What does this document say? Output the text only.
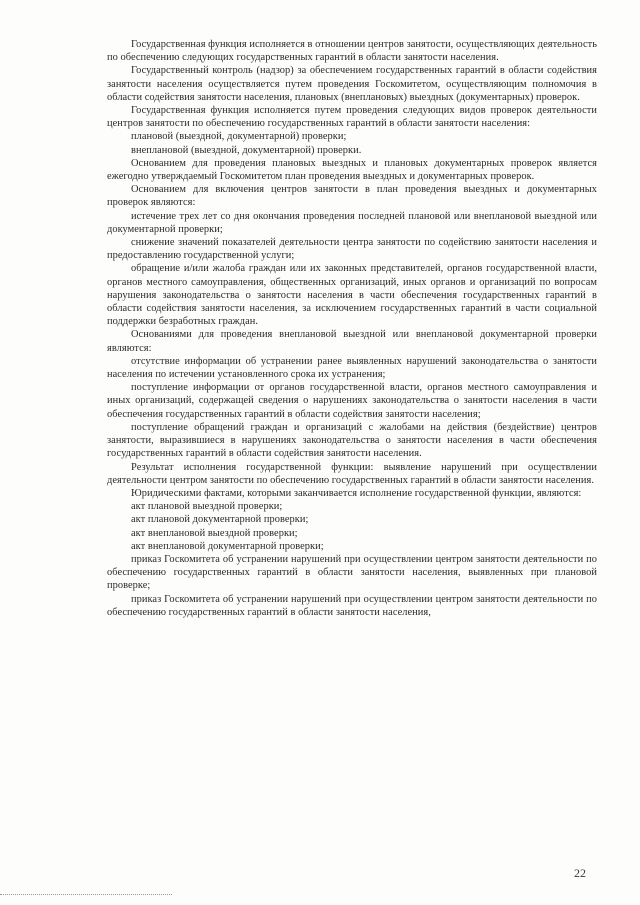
Государственная функция исполняется в отношении центров занятости, осуществляющих деятельность по обеспечению следующих государственных гарантий в области занятости населения.

Государственный контроль (надзор) за обеспечением государственных гарантий в области содействия занятости населения осуществляется путем проведения Госкомитетом, осуществляющим полномочия в области содействия занятости населения, плановых (внеплановых) выездных (документарных) проверок.

Государственная функция исполняется путем проведения следующих видов проверок деятельности центров занятости по обеспечению государственных гарантий в области занятости населения:

плановой (выездной, документарной) проверки;

внеплановой (выездной, документарной) проверки.

Основанием для проведения плановых выездных и плановых документарных проверок является ежегодно утверждаемый Госкомитетом план проведения выездных и документарных проверок.

Основанием для включения центров занятости в план проведения выездных и документарных проверок являются:

истечение трех лет со дня окончания проведения последней плановой или внеплановой выездной или документарной проверки;

снижение значений показателей деятельности центра занятости по содействию занятости населения и предоставлению государственной услуги;

обращение и/или жалоба граждан или их законных представителей, органов государственной власти, органов местного самоуправления, общественных организаций, иных органов и организаций по вопросам нарушения законодательства о занятости населения в части обеспечения государственных гарантий в области содействия занятости населения, за исключением государственных гарантий в части социальной поддержки безработных граждан.

Основаниями для проведения внеплановой выездной или внеплановой документарной проверки являются:

отсутствие информации об устранении ранее выявленных нарушений законодательства о занятости населения по истечении установленного срока их устранения;

поступление информации от органов государственной власти, органов местного самоуправления и иных организаций, содержащей сведения о нарушениях законодательства о занятости населения в части обеспечения государственных гарантий в области содействия занятости населения;

поступление обращений граждан и организаций с жалобами на действия (бездействие) центров занятости, выразившиеся в нарушениях законодательства о занятости населения в части обеспечения государственных гарантий в области содействия занятости населения.

Результат исполнения государственной функции: выявление нарушений при осуществлении деятельности центром занятости по обеспечению государственных гарантий в области занятости населения.

Юридическими фактами, которыми заканчивается исполнение государственной функции, являются:

акт плановой выездной проверки;

акт плановой документарной проверки;

акт внеплановой выездной проверки;

акт внеплановой документарной проверки;

приказ Госкомитета об устранении нарушений при осуществлении центром занятости деятельности по обеспечению государственных гарантий в области занятости населения, выявленных при плановой проверке;

приказ Госкомитета об устранении нарушений при осуществлении центром занятости деятельности по обеспечению государственных гарантий в области занятости населения,

22
